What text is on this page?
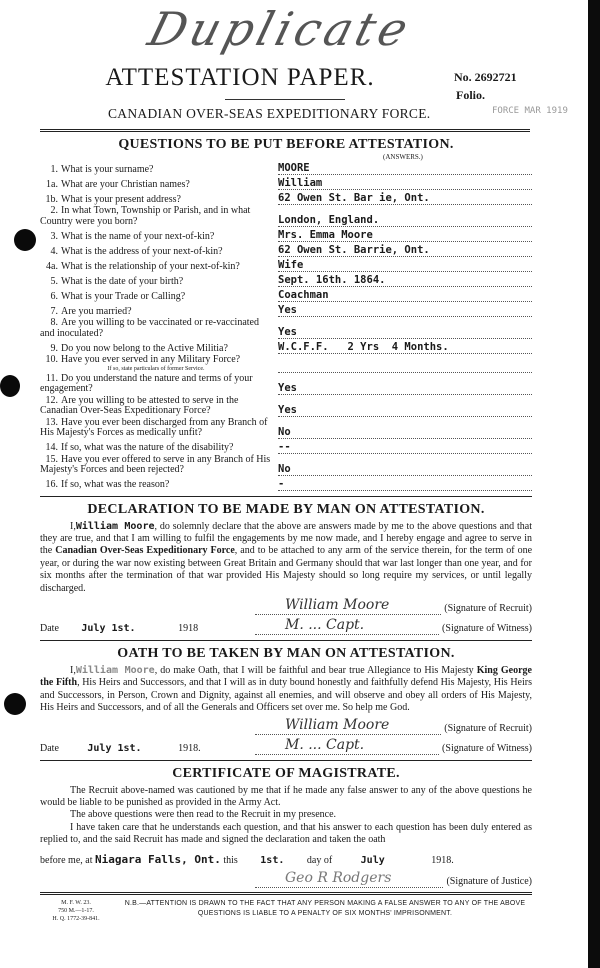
Duplicate
ATTESTATION PAPER.	No. 2692721
Folio.
CANADIAN OVER-SEAS EXPEDITIONARY FORCE.	FORCE MAR 1919
QUESTIONS TO BE PUT BEFORE ATTESTATION.
(ANSWERS.)
1. What is your surname?	MOORE
1a. What are your Christian names?	William
1b. What is your present address?	62 Owen St. Bar ie, Ont.
2. In what Town, Township or Parish, and in what Country were you born?	London, England.
3. What is the name of your next-of-kin?	Mrs. Emma Moore
4. What is the address of your next-of-kin?	62 Owen St. Barrie, Ont.
4a. What is the relationship of your next-of-kin?	Wife
5. What is the date of your birth?	Sept. 16th. 1864.
6. What is your Trade or Calling?	Coachman
7. Are you married?	Yes
8. Are you willing to be vaccinated or re-vaccinated and inoculated?	Yes
9. Do you now belong to the Active Militia?	W.C.F.F.   2 Yrs  4 Months.
10. Have you ever served in any Military Force?
If so, state particulars of former Service.
11. Do you understand the nature and terms of your engagement?	Yes
12. Are you willing to be attested to serve in the Canadian Over-Seas Expeditionary Force?	Yes
13. Have you ever been discharged from any Branch of His Majesty's Forces as medically unfit?	No
14. If so, what was the nature of the disability?	--
15. Have you ever offered to serve in any Branch of His Majesty's Forces and been rejected?	No
16. If so, what was the reason?	-
DECLARATION TO BE MADE BY MAN ON ATTESTATION.
I,William Moore, do solemnly declare that the above are answers made by me to the above questions and that they are true, and that I am willing to fulfil the engagements by me now made, and I hereby engage and agree to serve in the Canadian Over-Seas Expeditionary Force, and to be attached to any arm of the service therein, for the term of one year, or during the war now existing between Great Britain and Germany should that war last longer than one year, and for six months after the termination of that war provided His Majesty should so long require my services, or until legally discharged.
William Moore	(Signature of Recruit)
Date July 1st.	1918	M. ... Capt.	(Signature of Witness)
OATH TO BE TAKEN BY MAN ON ATTESTATION.
I,William Moore, do make Oath, that I will be faithful and bear true Allegiance to His Majesty King George the Fifth, His Heirs and Successors, and that I will as in duty bound honestly and faithfully defend His Majesty, His Heirs and Successors, in Person, Crown and Dignity, against all enemies, and will observe and obey all orders of His Majesty, His Heirs and Successors, and of all the Generals and Officers set over me. So help me God.
William Moore	(Signature of Recruit)
Date	July 1st.	1918.	M. ... Capt.	(Signature of Witness)
CERTIFICATE OF MAGISTRATE.
The Recruit above-named was cautioned by me that if he made any false answer to any of the above questions he would be liable to be punished as provided in the Army Act.
The above questions were then read to the Recruit in my presence.
I have taken care that he understands each question, and that his answer to each question has been duly entered as replied to, and the said Recruit has made and signed the declaration and taken the oath
before me, at Niagara Falls, Ont. this 1st. day of	July	1918.
Geo R Rodgers	(Signature of Justice)
M. F. W. 23.
750 M.—1-17.
H. Q. 1772-39-841.
N.B.—ATTENTION IS DRAWN TO THE FACT THAT ANY PERSON MAKING A FALSE ANSWER TO ANY OF THE ABOVE QUESTIONS IS LIABLE TO A PENALTY OF SIX MONTHS' IMPRISONMENT.
